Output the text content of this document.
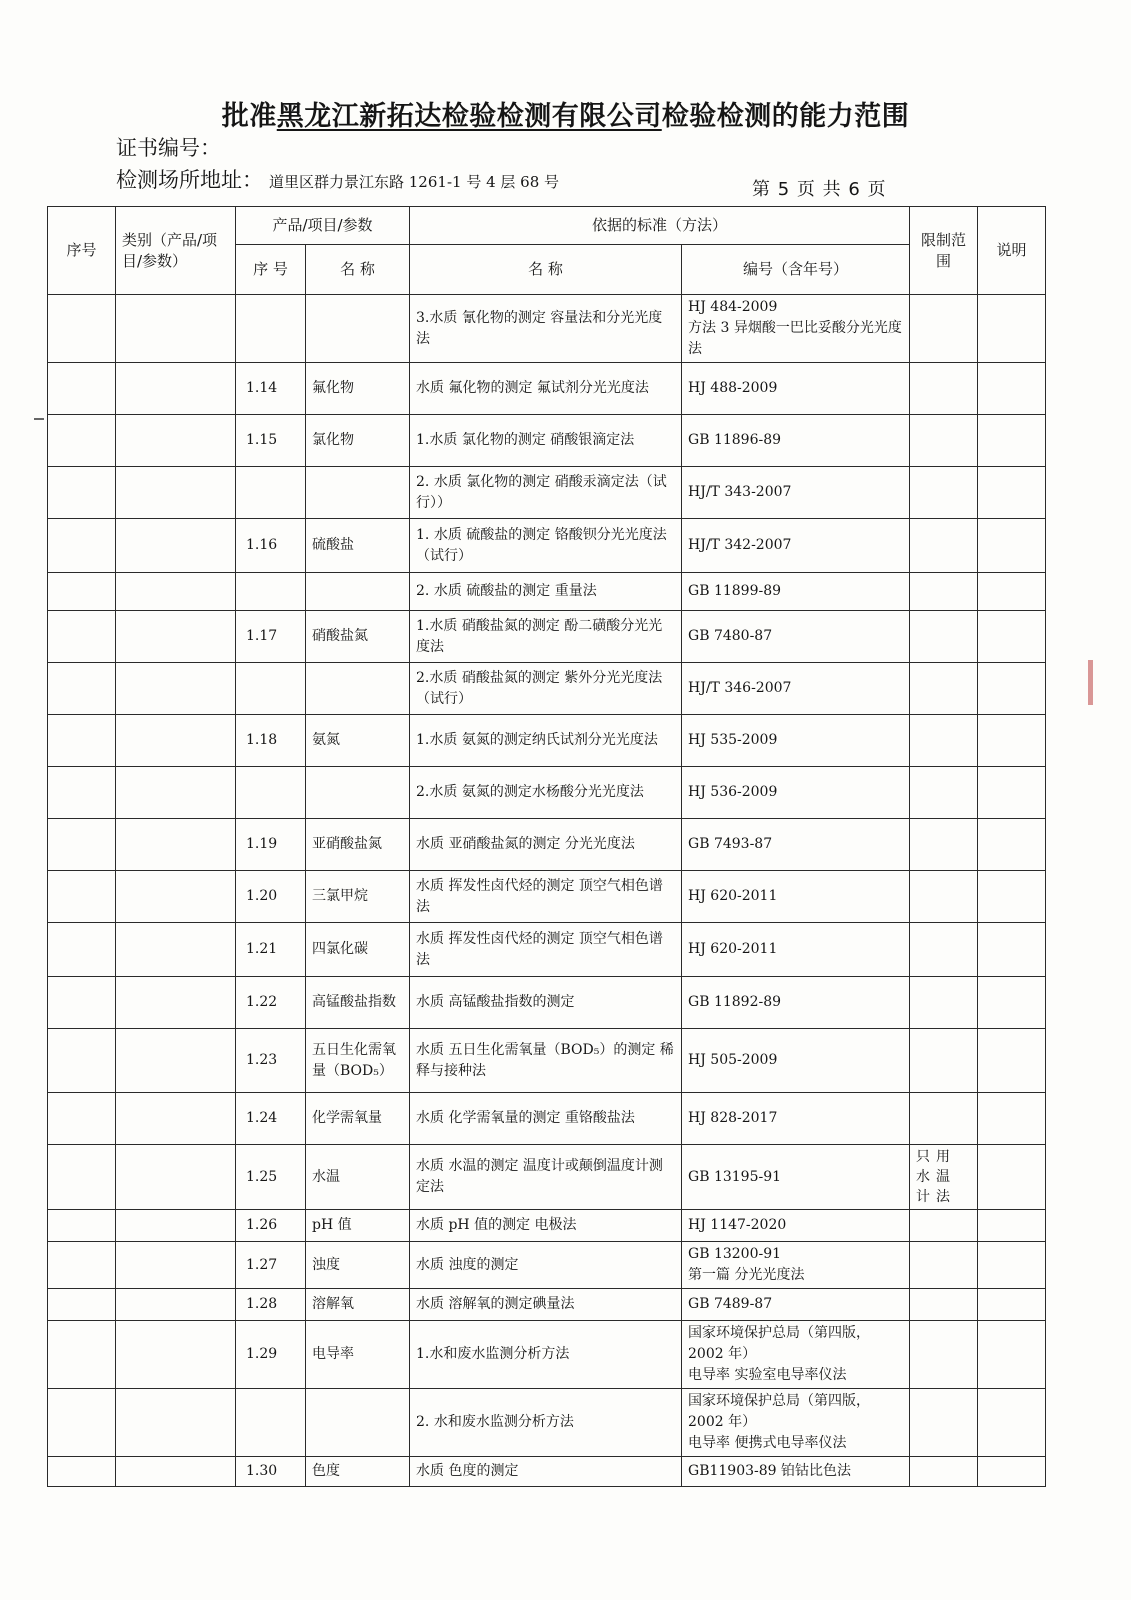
批准黑龙江新拓达检验检测有限公司检验检测的能力范围
证书编号：
检测场所地址： 道里区群力景江东路 1261-1 号 4 层 68 号	第 5 页 共 6 页
序号	类别（产品/项目/参数）	产品/项目/参数		依据的标准（方法）		限制范围	说明
		序 号	名 称	名 称	编号（含年号）		
				3.水质 氰化物的测定 容量法和分光光度法	HJ 484-2009
方法 3 异烟酸一巴比妥酸分光光度法		
		1.14	氟化物	水质 氟化物的测定 氟试剂分光光度法	HJ 488-2009		
		1.15	氯化物	1.水质 氯化物的测定 硝酸银滴定法	GB 11896-89		
				2. 水质 氯化物的测定 硝酸汞滴定法（试行））	HJ/T 343-2007		
		1.16	硫酸盐	1. 水质 硫酸盐的测定 铬酸钡分光光度法（试行）	HJ/T 342-2007		
				2. 水质 硫酸盐的测定 重量法	GB 11899-89		
		1.17	硝酸盐氮	1.水质 硝酸盐氮的测定 酚二磺酸分光光度法	GB 7480-87		
				2.水质 硝酸盐氮的测定 紫外分光光度法（试行）	HJ/T 346-2007		
		1.18	氨氮	1.水质 氨氮的测定纳氏试剂分光光度法	HJ 535-2009		
				2.水质 氨氮的测定水杨酸分光光度法	HJ 536-2009		
		1.19	亚硝酸盐氮	水质 亚硝酸盐氮的测定 分光光度法	GB 7493-87		
		1.20	三氯甲烷	水质 挥发性卤代烃的测定 顶空气相色谱法	HJ 620-2011		
		1.21	四氯化碳	水质 挥发性卤代烃的测定 顶空气相色谱法	HJ 620-2011		
		1.22	高锰酸盐指数	水质 高锰酸盐指数的测定	GB 11892-89		
		1.23	五日生化需氧量（BOD₅）	水质 五日生化需氧量（BOD₅）的测定 稀释与接种法	HJ 505-2009		
		1.24	化学需氧量	水质 化学需氧量的测定 重铬酸盐法	HJ 828-2017		
		1.25	水温	水质 水温的测定 温度计或颠倒温度计测定法	GB 13195-91	只用水温计法	
		1.26	pH 值	水质 pH 值的测定 电极法	HJ 1147-2020		
		1.27	浊度	水质 浊度的测定	GB 13200-91
第一篇 分光光度法		
		1.28	溶解氧	水质 溶解氧的测定碘量法	GB 7489-87		
		1.29	电导率	1.水和废水监测分析方法	国家环境保护总局（第四版，2002 年）
电导率 实验室电导率仪法		
				2. 水和废水监测分析方法	国家环境保护总局（第四版，2002 年）
电导率 便携式电导率仪法		
		1.30	色度	水质 色度的测定	GB11903-89 铂钴比色法		
